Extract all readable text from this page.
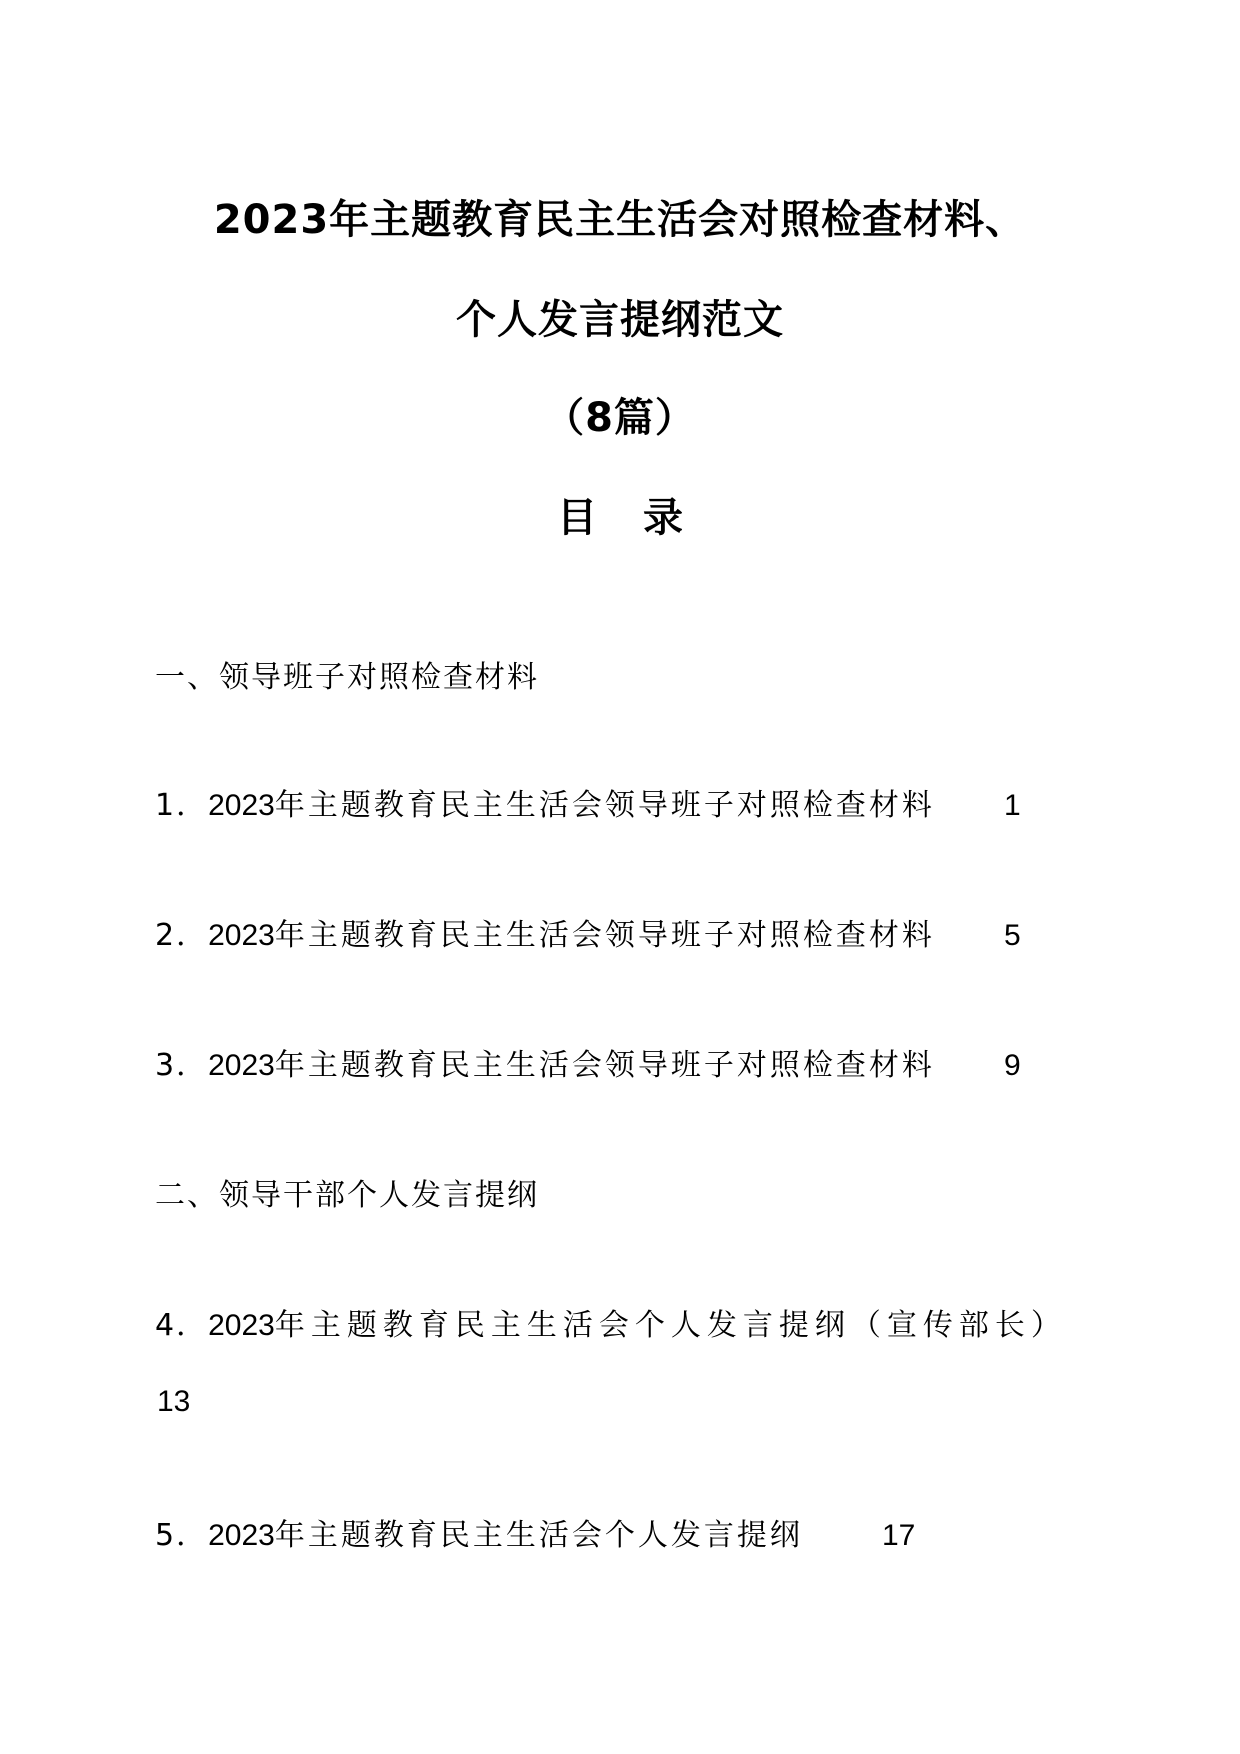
2023年主题教育民主生活会对照检查材料、
个人发言提纲范文
（8篇）
目 录
一、领导班子对照检查材料
1．2023年主题教育民主生活会领导班子对照检查材料 1
2．2023年主题教育民主生活会领导班子对照检查材料 5
3．2023年主题教育民主生活会领导班子对照检查材料 9
二、领导干部个人发言提纲
4．2023年主题教育民主生活会个人发言提纲（宣传部长）
13
5．2023年主题教育民主生活会个人发言提纲	17
